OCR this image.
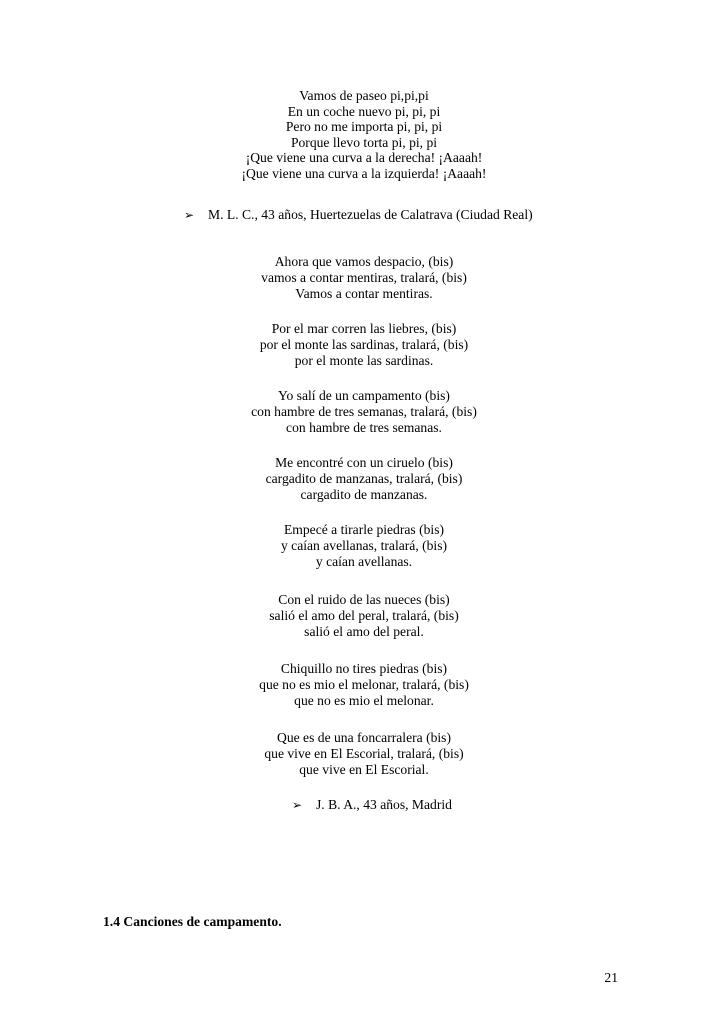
Vamos de paseo pi,pi,pi
En un coche nuevo pi, pi, pi
Pero no me importa pi, pi, pi
Porque llevo torta pi, pi, pi
¡Que viene una curva a la derecha! ¡Aaaah!
¡Que viene una curva a la izquierda! ¡Aaaah!
➢ M. L. C., 43 años, Huertezuelas de Calatrava (Ciudad Real)
Ahora que vamos despacio, (bis)
vamos a contar mentiras, tralará, (bis)
Vamos a contar mentiras.
Por el mar corren las liebres, (bis)
por el monte las sardinas, tralará, (bis)
por el monte las sardinas.
Yo salí de un campamento (bis)
con hambre de tres semanas, tralará, (bis)
con hambre de tres semanas.
Me encontré con un ciruelo (bis)
cargadito de manzanas, tralará, (bis)
cargadito de manzanas.
Empecé a tirarle piedras (bis)
y caían avellanas, tralará, (bis)
y caían avellanas.
Con el ruido de las nueces (bis)
salió el amo del peral, tralará, (bis)
salió el amo del peral.
Chiquillo no tires piedras (bis)
que no es mio el melonar, tralará, (bis)
que no es mio el melonar.
Que es de una foncarralera (bis)
que vive en El Escorial, tralará, (bis)
que vive en El Escorial.
➢ J. B. A., 43 años, Madrid
1.4 Canciones de campamento.
21
